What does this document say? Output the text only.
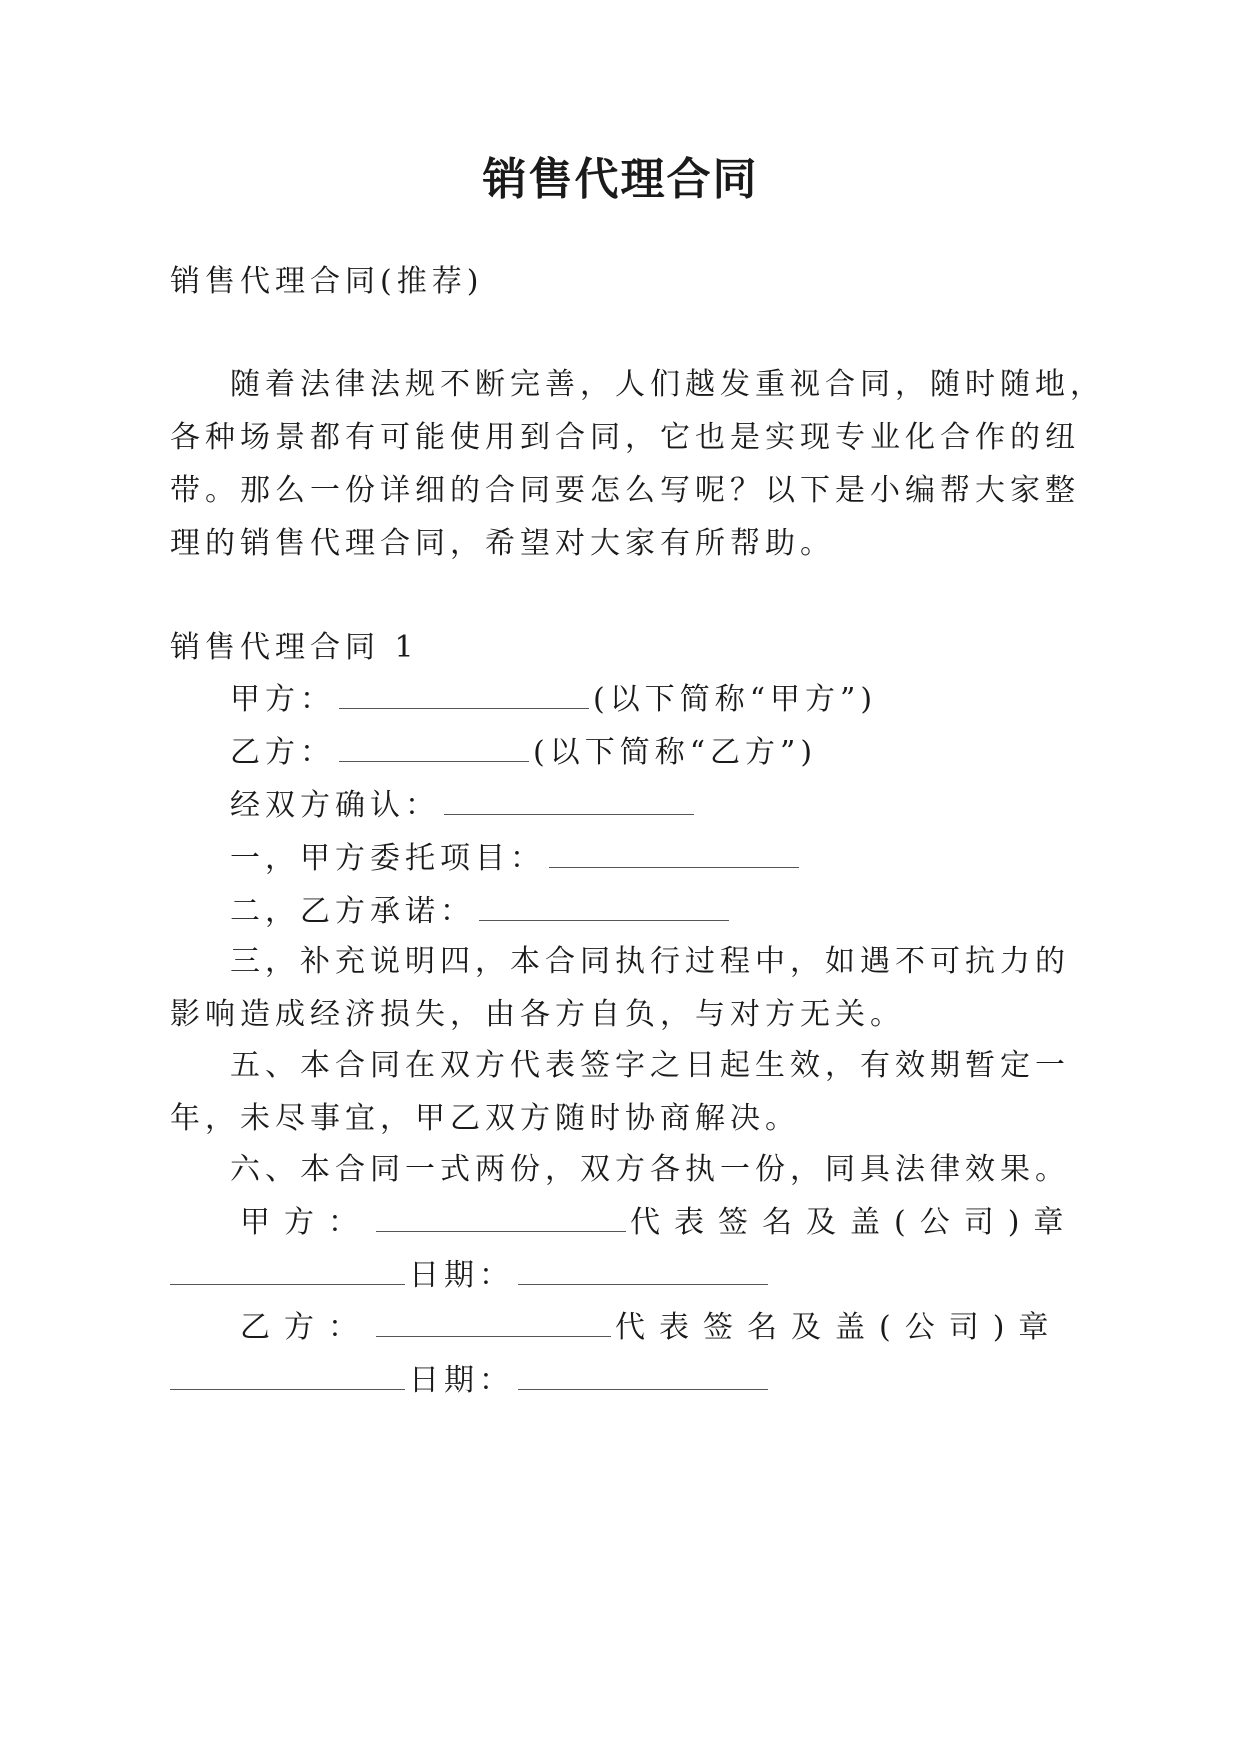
销售代理合同
销售代理合同(推荐)
随着法律法规不断完善，人们越发重视合同，随时随地，
各种场景都有可能使用到合同，它也是实现专业化合作的纽
带。那么一份详细的合同要怎么写呢？以下是小编帮大家整
理的销售代理合同，希望对大家有所帮助。
销售代理合同 1
甲方：	(以下简称“甲方”)
乙方：	(以下简称“乙方”)
经双方确认：
一，甲方委托项目：
二，乙方承诺：
三，补充说明四，本合同执行过程中，如遇不可抗力的
影响造成经济损失，由各方自负，与对方无关。
五、本合同在双方代表签字之日起生效，有效期暂定一
年，未尽事宜，甲乙双方随时协商解决。
六、本合同一式两份，双方各执一份，同具法律效果。
甲方：	代表签名及盖(公司)章
日期：
乙方：	代表签名及盖(公司)章
日期：
